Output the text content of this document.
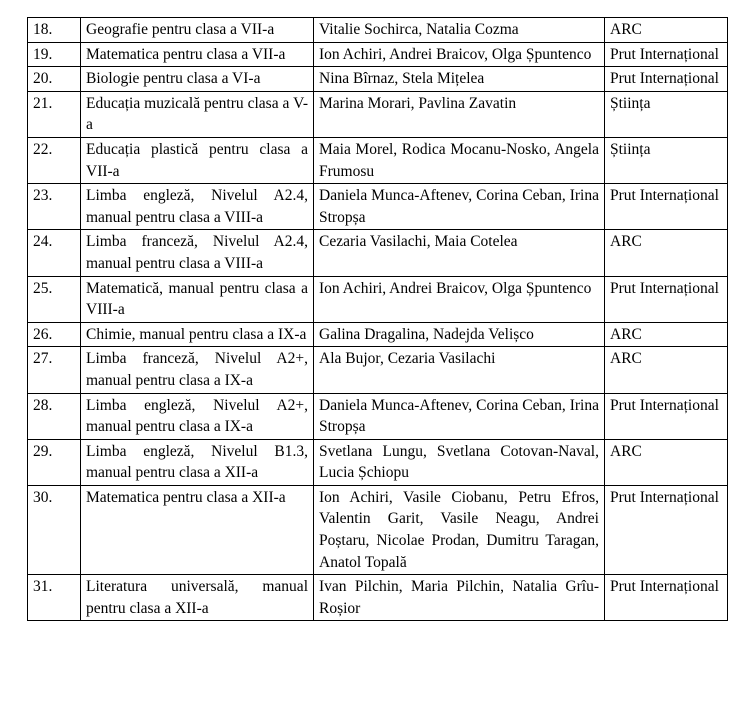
18.	Geografie pentru clasa a VII-a	Vitalie Sochirca, Natalia Cozma	ARC
19.	Matematica pentru clasa a VII-a	Ion Achiri, Andrei Braicov, Olga Șpuntenco	Prut Internațional
20.	Biologie pentru clasa a VI-a	Nina Bîrnaz, Stela Mițelea	Prut Internațional
21.	Educația muzicală pentru clasa a V-a	Marina Morari, Pavlina Zavatin	Știința
22.	Educația plastică pentru clasa a VII-a	Maia Morel, Rodica Mocanu-Nosko, Angela Frumosu	Știința
23.	Limba engleză, Nivelul A2.4, manual pentru clasa a VIII-a	Daniela Munca-Aftenev, Corina Ceban, Irina Stropșa	Prut Internațional
24.	Limba franceză, Nivelul A2.4, manual pentru clasa a VIII-a	Cezaria Vasilachi, Maia Cotelea	ARC
25.	Matematică, manual pentru clasa a VIII-a	Ion Achiri, Andrei Braicov, Olga Șpuntenco	Prut Internațional
26.	Chimie, manual pentru clasa a IX-a	Galina Dragalina, Nadejda Velișco	ARC
27.	Limba franceză, Nivelul A2+, manual pentru clasa a IX-a	Ala Bujor, Cezaria Vasilachi	ARC
28.	Limba engleză, Nivelul A2+, manual pentru clasa a IX-a	Daniela Munca-Aftenev, Corina Ceban, Irina Stropșa	Prut Internațional
29.	Limba engleză, Nivelul B1.3, manual pentru clasa a XII-a	Svetlana Lungu, Svetlana Cotovan-Naval, Lucia Șchiopu	ARC
30.	Matematica pentru clasa a XII-a	Ion Achiri, Vasile Ciobanu, Petru Efros, Valentin Garit, Vasile Neagu, Andrei Poștaru, Nicolae Prodan, Dumitru Taragan, Anatol Topală	Prut Internațional
31.	Literatura universală, manual pentru clasa a XII-a	Ivan Pilchin, Maria Pilchin, Natalia Grîu-Roșior	Prut Internațional
